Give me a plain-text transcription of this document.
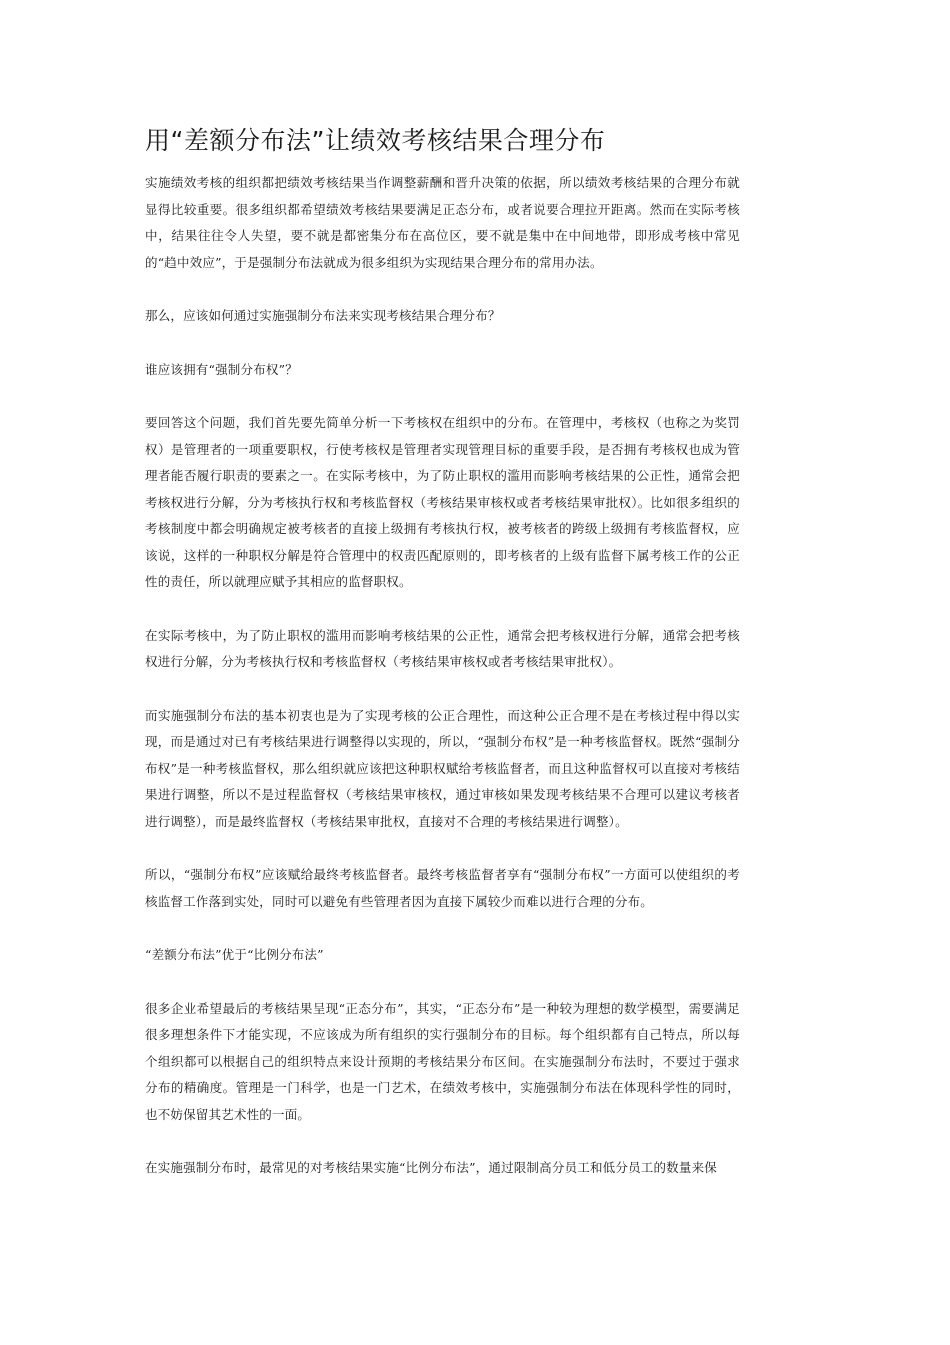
用“差额分布法”让绩效考核结果合理分布

实施绩效考核的组织都把绩效考核结果当作调整薪酬和晋升决策的依据，所以绩效考核结果的合理分布就显得比较重要。很多组织都希望绩效考核结果要满足正态分布，或者说要合理拉开距离。然而在实际考核中，结果往往令人失望，要不就是都密集分布在高位区，要不就是集中在中间地带，即形成考核中常见的“趋中效应”，于是强制分布法就成为很多组织为实现结果合理分布的常用办法。

那么，应该如何通过实施强制分布法来实现考核结果合理分布？

谁应该拥有“强制分布权”？

要回答这个问题，我们首先要先简单分析一下考核权在组织中的分布。在管理中，考核权（也称之为奖罚权）是管理者的一项重要职权，行使考核权是管理者实现管理目标的重要手段，是否拥有考核权也成为管理者能否履行职责的要素之一。在实际考核中，为了防止职权的滥用而影响考核结果的公正性，通常会把考核权进行分解，分为考核执行权和考核监督权（考核结果审核权或者考核结果审批权）。比如很多组织的考核制度中都会明确规定被考核者的直接上级拥有考核执行权，被考核者的跨级上级拥有考核监督权，应该说，这样的一种职权分解是符合管理中的权责匹配原则的，即考核者的上级有监督下属考核工作的公正性的责任，所以就理应赋予其相应的监督职权。

在实际考核中，为了防止职权的滥用而影响考核结果的公正性，通常会把考核权进行分解，通常会把考核权进行分解，分为考核执行权和考核监督权（考核结果审核权或者考核结果审批权）。

而实施强制分布法的基本初衷也是为了实现考核的公正合理性，而这种公正合理不是在考核过程中得以实现，而是通过对已有考核结果进行调整得以实现的，所以，“强制分布权”是一种考核监督权。既然“强制分布权”是一种考核监督权，那么组织就应该把这种职权赋给考核监督者，而且这种监督权可以直接对考核结果进行调整，所以不是过程监督权（考核结果审核权，通过审核如果发现考核结果不合理可以建议考核者进行调整），而是最终监督权（考核结果审批权，直接对不合理的考核结果进行调整）。

所以，“强制分布权”应该赋给最终考核监督者。最终考核监督者享有“强制分布权”一方面可以使组织的考核监督工作落到实处，同时可以避免有些管理者因为直接下属较少而难以进行合理的分布。

“差额分布法”优于“比例分布法”

很多企业希望最后的考核结果呈现“正态分布”，其实，“正态分布”是一种较为理想的数学模型，需要满足很多理想条件下才能实现，不应该成为所有组织的实行强制分布的目标。每个组织都有自己特点，所以每个组织都可以根据自己的组织特点来设计预期的考核结果分布区间。在实施强制分布法时，不要过于强求分布的精确度。管理是一门科学，也是一门艺术，在绩效考核中，实施强制分布法在体现科学性的同时，也不妨保留其艺术性的一面。

在实施强制分布时，最常见的对考核结果实施“比例分布法”，通过限制高分员工和低分员工的数量来保
